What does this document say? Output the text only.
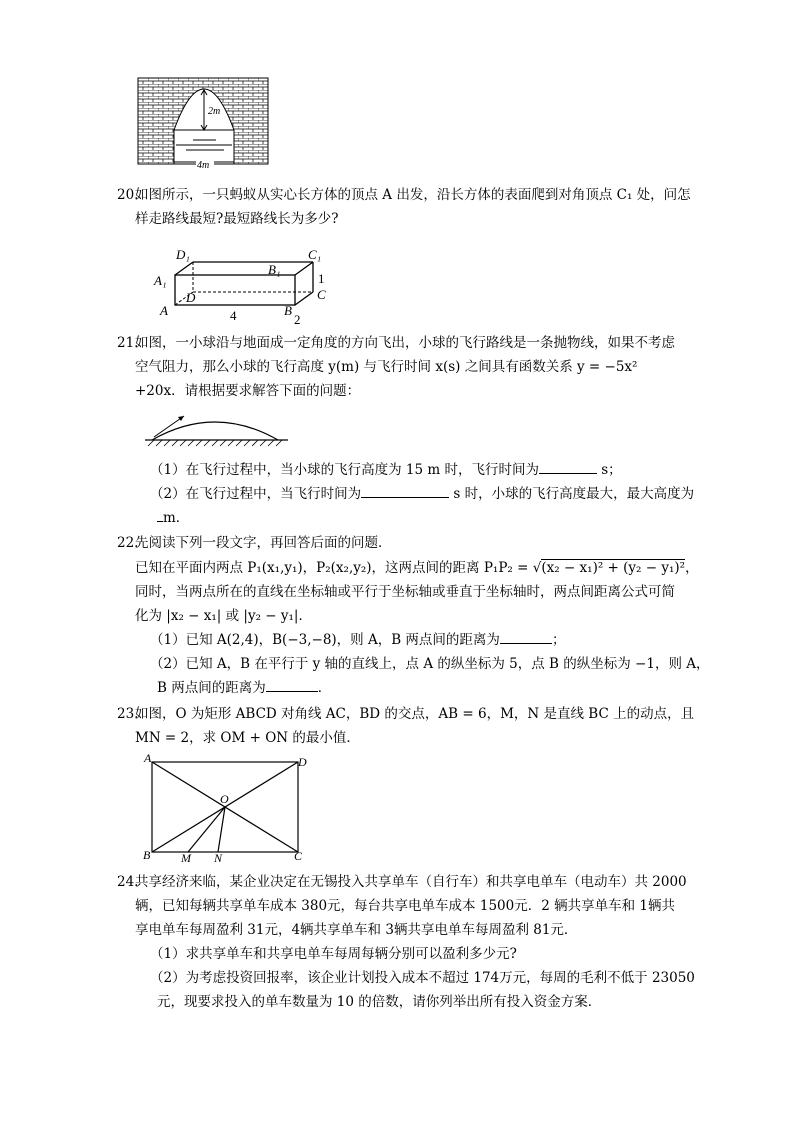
2m
4m
20.
如图所示，一只蚂蚁从实心长方体的顶点 A 出发，沿长方体的表面爬到对角顶点 C₁ 处，问怎
样走路线最短?最短路线长为多少?
D₁	C₁
A₁
B₁
D	C
A	B
4
1
2
21.
如图，一小球沿与地面成一定角度的方向飞出，小球的飞行路线是一条抛物线，如果不考虑
空气阻力，那么小球的飞行高度 y(m) 与飞行时间 x(s) 之间具有函数关系 y = −5x²
+20x．请根据要求解答下面的问题：
（1）在飞行过程中，当小球的飞行高度为 15 m 时，飞行时间为	s；
（2）在飞行过程中，当飞行时间为	s 时，小球的飞行高度最大，最大高度为
m．
22.
先阅读下列一段文字，再回答后面的问题．
已知在平面内两点 P₁(x₁,y₁)，P₂(x₂,y₂)，这两点间的距离 P₁P₂ = √(x₂ − x₁)² + (y₂ − y₁)²，
同时，当两点所在的直线在坐标轴或平行于坐标轴或垂直于坐标轴时，两点间距离公式可简
化为 |x₂ − x₁| 或 |y₂ − y₁|．
（1）已知 A(2,4)，B(−3,−8)，则 A，B 两点间的距离为	；
（2）已知 A，B 在平行于 y 轴的直线上，点 A 的纵坐标为 5，点 B 的纵坐标为 −1，则 A，
B 两点间的距离为	．
23.
如图，O 为矩形 ABCD 对角线 AC，BD 的交点，AB = 6，M，N 是直线 BC 上的动点，且
MN = 2，求 OM + ON 的最小值．
A	D
O
B	M N	C
24.
共享经济来临，某企业决定在无锡投入共享单车（自行车）和共享电单车（电动车）共 2000
辆，已知每辆共享单车成本 380元，每台共享电单车成本 1500元．2 辆共享单车和 1辆共
享电单车每周盈利 31元，4辆共享单车和 3辆共享电单车每周盈利 81元．
（1）求共享单车和共享电单车每周每辆分别可以盈利多少元?
（2）为考虑投资回报率，该企业计划投入成本不超过 174万元，每周的毛利不低于 23050
元，现要求投入的单车数量为 10 的倍数，请你列举出所有投入资金方案．
